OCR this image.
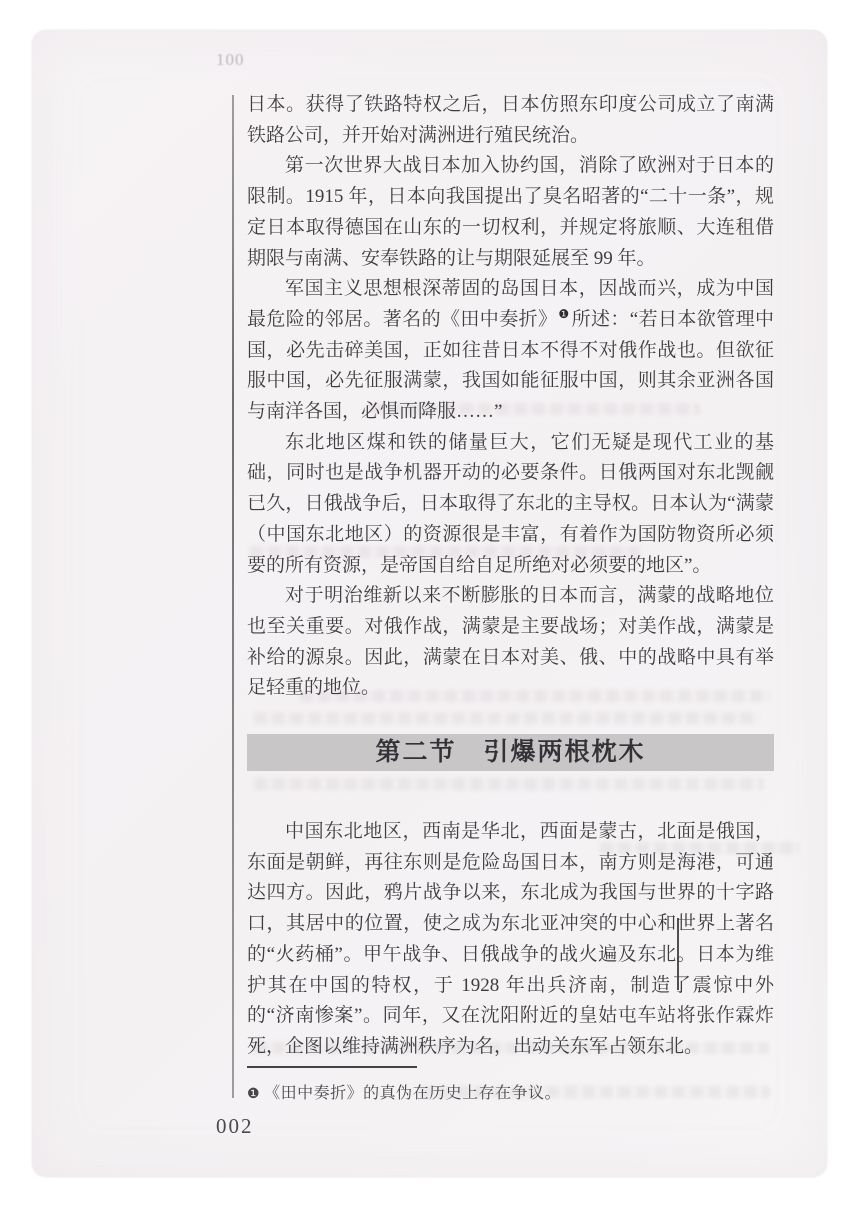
100

日本。获得了铁路特权之后，日本仿照东印度公司成立了南满铁路公司，并开始对满洲进行殖民统治。

第一次世界大战日本加入协约国，消除了欧洲对于日本的限制。1915 年，日本向我国提出了臭名昭著的“二十一条”，规定日本取得德国在山东的一切权利，并规定将旅顺、大连租借期限与南满、安奉铁路的让与期限延展至 99 年。

军国主义思想根深蒂固的岛国日本，因战而兴，成为中国最危险的邻居。著名的《田中奏折》$^❶$ 所述：“若日本欲管理中国，必先击碎美国，正如往昔日本不得不对俄作战也。但欲征服中国，必先征服满蒙，我国如能征服中国，则其余亚洲各国与南洋各国，必惧而降服……”

东北地区煤和铁的储量巨大，它们无疑是现代工业的基础，同时也是战争机器开动的必要条件。日俄两国对东北觊觎已久，日俄战争后，日本取得了东北的主导权。日本认为“满蒙（中国东北地区）的资源很是丰富，有着作为国防物资所必须要的所有资源，是帝国自给自足所绝对必须要的地区”。

对于明治维新以来不断膨胀的日本而言，满蒙的战略地位也至关重要。对俄作战，满蒙是主要战场；对美作战，满蒙是补给的源泉。因此，满蒙在日本对美、俄、中的战略中具有举足轻重的地位。

第二节　引爆两根枕木

中国东北地区，西南是华北，西面是蒙古，北面是俄国，东面是朝鲜，再往东则是危险岛国日本，南方则是海港，可通达四方。因此，鸦片战争以来，东北成为我国与世界的十字路口，其居中的位置，使之成为东北亚冲突的中心和世界上著名的“火药桶”。甲午战争、日俄战争的战火遍及东北。日本为维护其在中国的特权，于 1928 年出兵济南，制造了震惊中外的“济南惨案”。同年，又在沈阳附近的皇姑屯车站将张作霖炸死，企图以维持满洲秩序为名，出动关东军占领东北。

❶ 《田中奏折》的真伪在历史上存在争议。

002
